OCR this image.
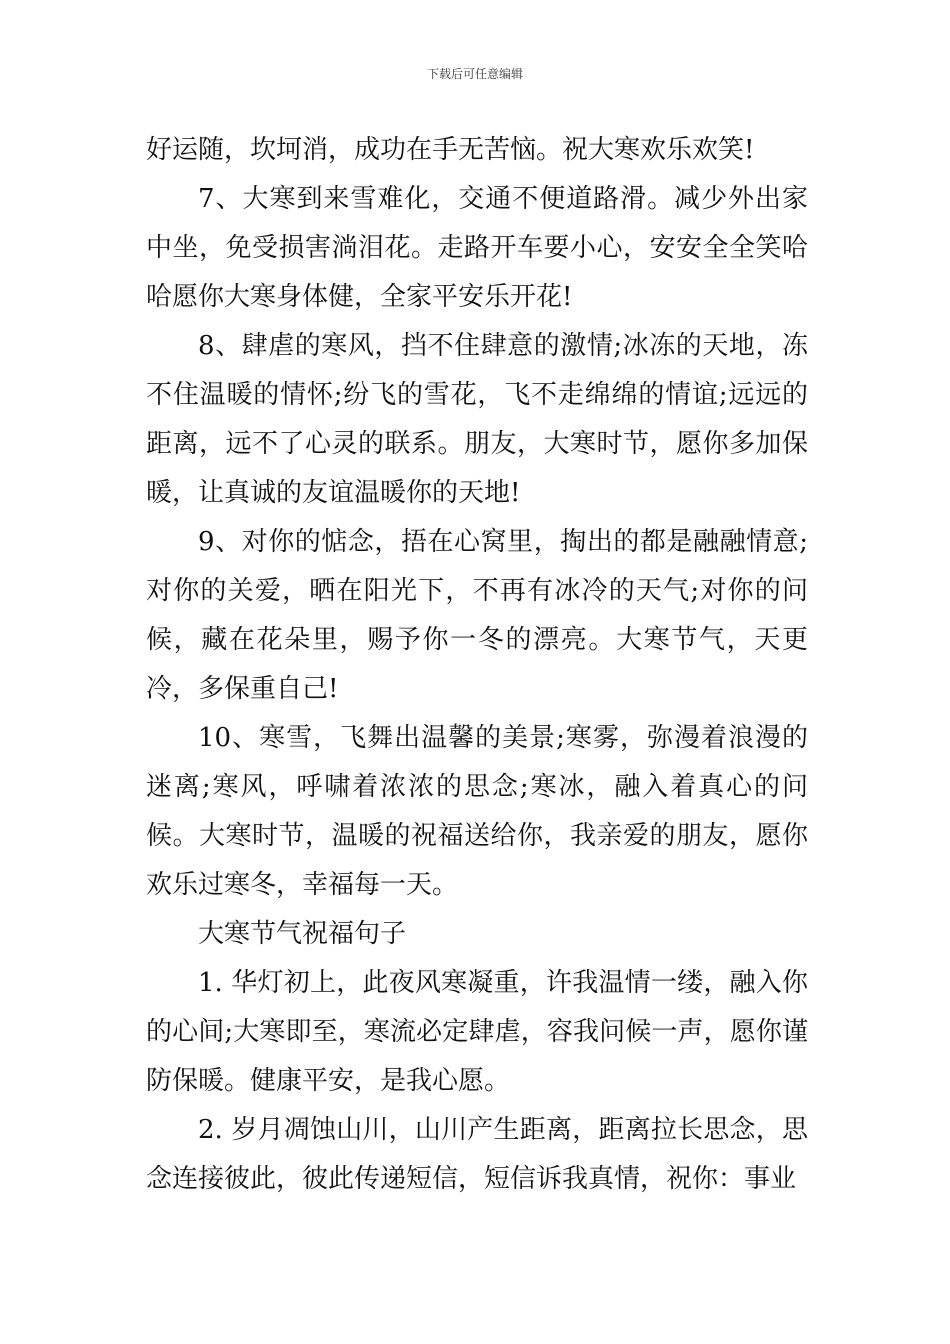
下载后可任意编辑

好运随，坎坷消，成功在手无苦恼。祝大寒欢乐欢笑!

7、大寒到来雪难化，交通不便道路滑。减少外出家中坐，免受损害淌泪花。走路开车要小心，安安全全笑哈哈愿你大寒身体健，全家平安乐开花!

8、肆虐的寒风，挡不住肆意的激情;冰冻的天地，冻不住温暖的情怀;纷飞的雪花，飞不走绵绵的情谊;远远的距离，远不了心灵的联系。朋友，大寒时节，愿你多加保暖，让真诚的友谊温暖你的天地!

9、对你的惦念，捂在心窝里，掏出的都是融融情意;对你的关爱，晒在阳光下，不再有冰冷的天气;对你的问候，藏在花朵里，赐予你一冬的漂亮。大寒节气，天更冷，多保重自己!

10、寒雪，飞舞出温馨的美景;寒雾，弥漫着浪漫的迷离;寒风，呼啸着浓浓的思念;寒冰，融入着真心的问候。大寒时节，温暖的祝福送给你，我亲爱的朋友，愿你欢乐过寒冬，幸福每一天。

大寒节气祝福句子

1. 华灯初上，此夜风寒凝重，许我温情一缕，融入你的心间;大寒即至，寒流必定肆虐，容我问候一声，愿你谨防保暖。健康平安，是我心愿。

2. 岁月凋蚀山川，山川产生距离，距离拉长思念，思念连接彼此，彼此传递短信，短信诉我真情，祝你：事业
